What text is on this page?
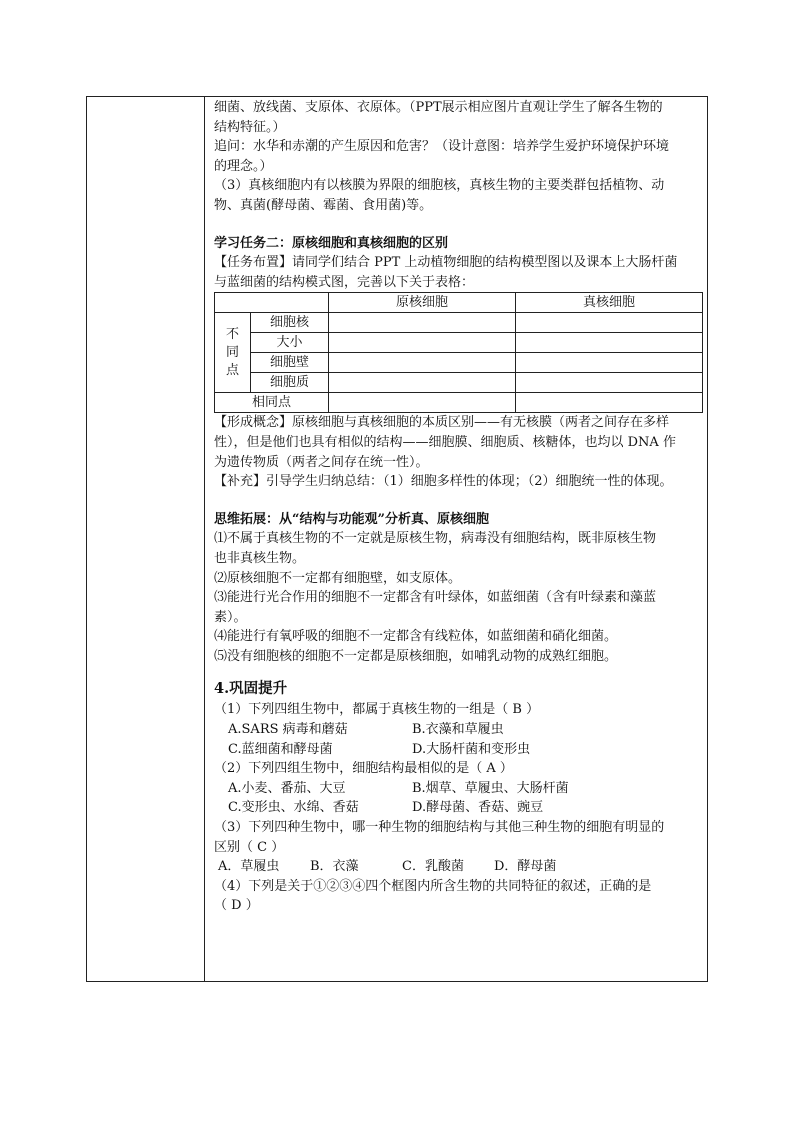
细菌、放线菌、支原体、衣原体。（PPT展示相应图片直观让学生了解各生物的

结构特征。）

追问：水华和赤潮的产生原因和危害？（设计意图：培养学生爱护环境保护环境

的理念。）

（3）真核细胞内有以核膜为界限的细胞核，真核生物的主要类群包括植物、动

物、真菌(酵母菌、霉菌、食用菌)等。

学习任务二：原核细胞和真核细胞的区别

【任务布置】请同学们结合 PPT 上动植物细胞的结构模型图以及课本上大肠杆菌

与蓝细菌的结构模式图，完善以下关于表格：

		原核细胞	真核细胞

不
同
点	细胞核		
	大小		
	细胞壁		
	细胞质		
相同点			

【形成概念】原核细胞与真核细胞的本质区别——有无核膜（两者之间存在多样

性），但是他们也具有相似的结构——细胞膜、细胞质、核糖体，也均以 DNA 作

为遗传物质（两者之间存在统一性）。

【补充】引导学生归纳总结：（1）细胞多样性的体现；（2）细胞统一性的体现。

思维拓展：从“结构与功能观”分析真、原核细胞

⑴不属于真核生物的不一定就是原核生物，病毒没有细胞结构，既非原核生物

也非真核生物。

⑵原核细胞不一定都有细胞壁，如支原体。

⑶能进行光合作用的细胞不一定都含有叶绿体，如蓝细菌（含有叶绿素和藻蓝

素）。

⑷能进行有氧呼吸的细胞不一定都含有线粒体，如蓝细菌和硝化细菌。

⑸没有细胞核的细胞不一定都是原核细胞，如哺乳动物的成熟红细胞。

4.巩固提升

（1）下列四组生物中，都属于真核生物的一组是（ B ）

A.SARS 病毒和蘑菇	B.衣藻和草履虫
C.蓝细菌和酵母菌	D.大肠杆菌和变形虫

（2）下列四组生物中，细胞结构最相似的是（ A ）

A.小麦、番茄、大豆	B.烟草、草履虫、大肠杆菌
C.变形虫、水绵、香菇	D.酵母菌、香菇、豌豆

（3）下列四种生物中，哪一种生物的细胞结构与其他三种生物的细胞有明显的

区别（ C ）

A．草履虫	B．衣藻	C．乳酸菌	D．酵母菌

（4）下列是关于①②③④四个框图内所含生物的共同特征的叙述，正确的是

（ D ）
